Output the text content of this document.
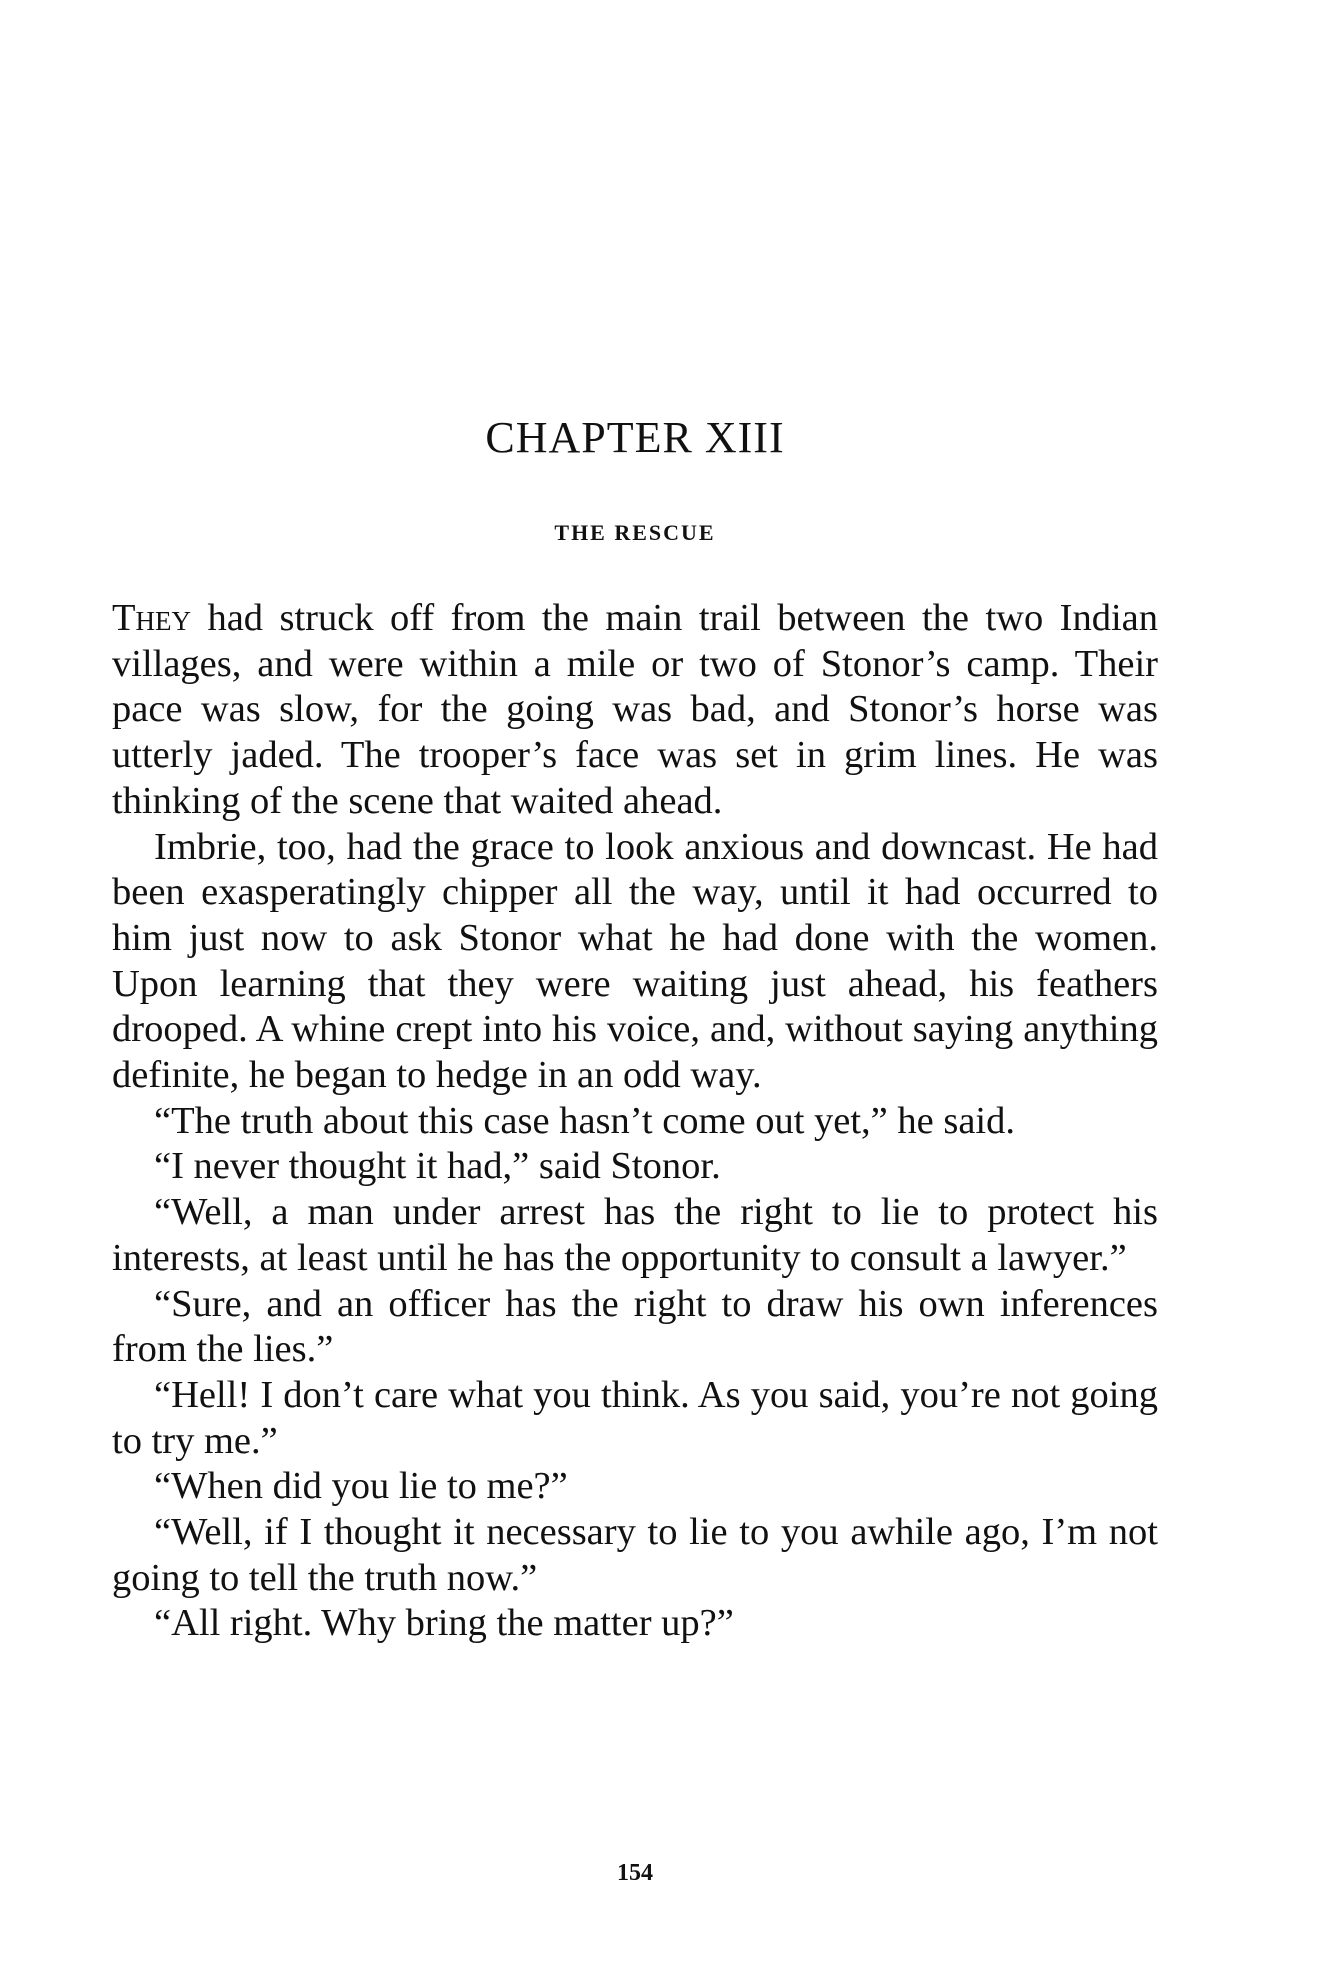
CHAPTER XIII
THE RESCUE

They had struck off from the main trail between the two Indian villages, and were within a mile or two of Stonor’s camp. Their pace was slow, for the going was bad, and Stonor’s horse was utterly jaded. The trooper’s face was set in grim lines. He was thinking of the scene that waited ahead.

Imbrie, too, had the grace to look anxious and downcast. He had been exasperatingly chipper all the way, until it had occurred to him just now to ask Stonor what he had done with the women. Upon learning that they were waiting just ahead, his feathers drooped. A whine crept into his voice, and, without saying anything definite, he began to hedge in an odd way.

“The truth about this case hasn’t come out yet,” he said.

“I never thought it had,” said Stonor.

“Well, a man under arrest has the right to lie to protect his interests, at least until he has the opportunity to consult a lawyer.”

“Sure, and an officer has the right to draw his own inferences from the lies.”

“Hell! I don’t care what you think. As you said, you’re not going to try me.”

“When did you lie to me?”

“Well, if I thought it necessary to lie to you awhile ago, I’m not going to tell the truth now.”

“All right. Why bring the matter up?”

154
